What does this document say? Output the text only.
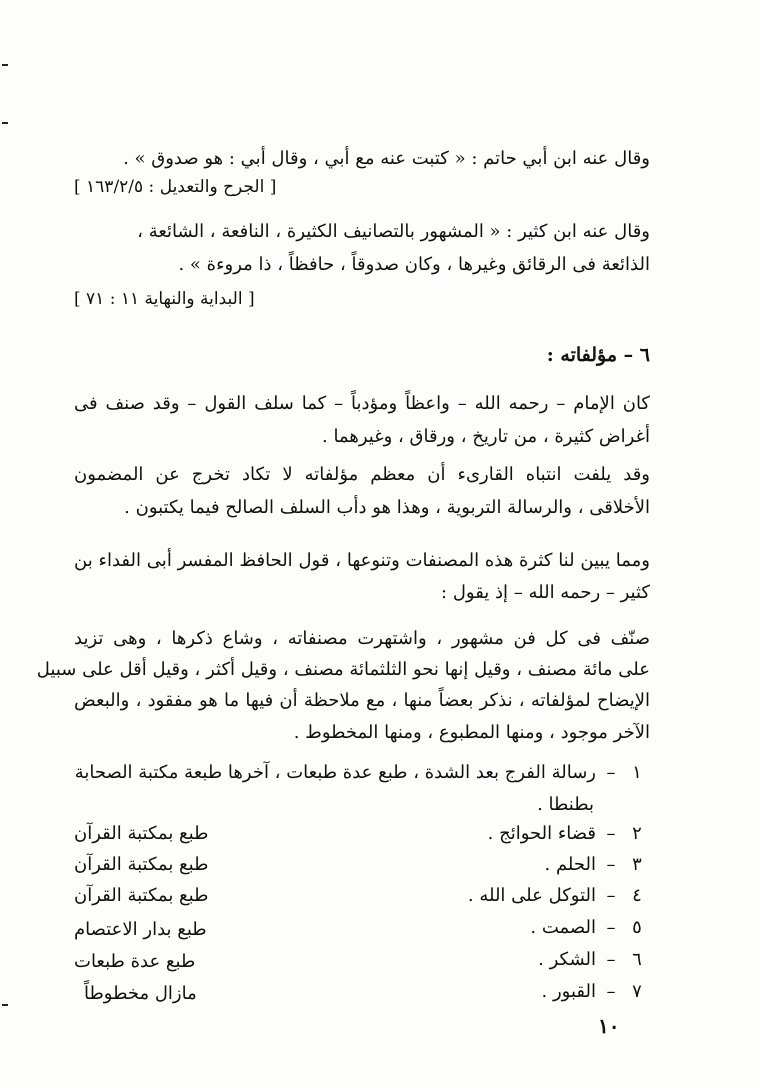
وقال عنه ابن أبي حاتم : « كتبت عنه مع أبي ، وقال أبي : هو صدوق » .
[ الجرح والتعديل : ١٦٣/٢/٥ ]
وقال عنه ابن كثير : « المشهور بالتصانيف الكثيرة ، النافعة ، الشائعة ،
الذائعة فى الرقائق وغيرها ، وكان صدوقاً ، حافظاً ، ذا مروءة » .
[ البداية والنهاية ١١ : ٧١ ]
٦ – مؤلفاته :
كان الإمام – رحمه الله – واعظاً ومؤدباً – كما سلف القول – وقد صنف فى
أغراض كثيرة ، من تاريخ ، ورقاق ، وغيرهما .
وقد يلفت انتباه القارىء أن معظم مؤلفاته لا تكاد تخرج عن المضمون
الأخلاقى ، والرسالة التربوية ، وهذا هو دأب السلف الصالح فيما يكتبون .
ومما يبين لنا كثرة هذه المصنفات وتنوعها ، قول الحافظ المفسر أبى الفداء بن
كثير – رحمه الله – إذ يقول :
صنّف فى كل فن مشهور ، واشتهرت مصنفاته ، وشاع ذكرها ، وهى تزيد
على مائة مصنف ، وقيل إنها نحو الثلثمائة مصنف ، وقيل أكثر ، وقيل أقل على سبيل
الإيضاح لمؤلفاته ، نذكر بعضاً منها ، مع ملاحظة أن فيها ما هو مفقود ، والبعض
الآخر موجود ، ومنها المطبوع ، ومنها المخطوط .
١–رسالة الفرج بعد الشدة ، طبع عدة طبعات ، آخرها طبعة مكتبة الصحابة
بطنطا .
٢–قضاء الحوائج .
طبع بمكتبة القرآن
٣–الحلم .
طبع بمكتبة القرآن
٤–التوكل على الله .
طبع بمكتبة القرآن
٥–الصمت .
طبع بدار الاعتصام
٦–الشكر .
طبع عدة طبعات
٧–القبور .
مازال مخطوطاً
١٠
